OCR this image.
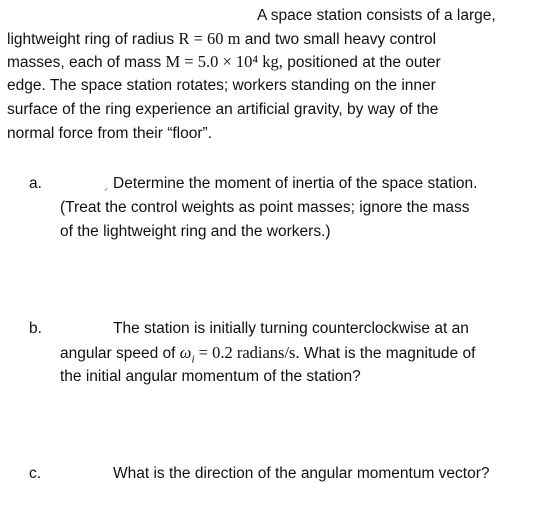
A space station consists of a large,
lightweight ring of radius R = 60 m and two small heavy control
masses, each of mass M = 5.0 × 10⁴ kg, positioned at the outer
edge. The space station rotates; workers standing on the inner
surface of the ring experience an artificial gravity, by way of the
normal force from their “floor”.
a.	Determine the moment of inertia of the space station.
(Treat the control weights as point masses; ignore the mass
of the lightweight ring and the workers.)
b.	The station is initially turning counterclockwise at an
angular speed of $\omega_i = 0.2$ radians/s. What is the magnitude of
the initial angular momentum of the station?
c.	What is the direction of the angular momentum vector?
